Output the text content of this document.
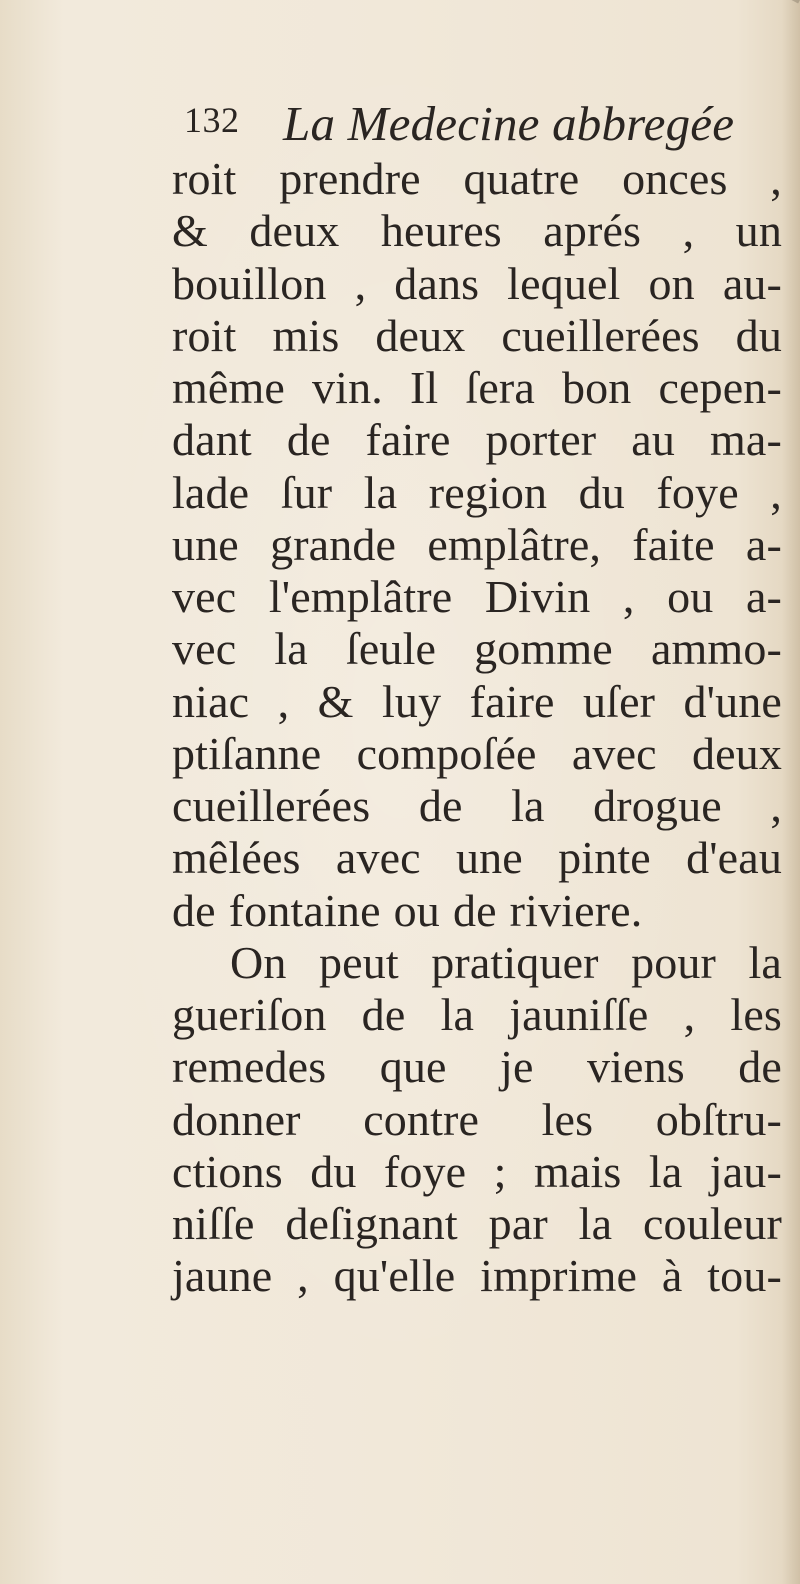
132 La Medecine abbregée
roit prendre quatre onces ,
& deux heures aprés , un
bouillon , dans lequel on au-
roit mis deux cueillerées du
même vin. Il ſera bon cepen-
dant de faire porter au ma-
lade ſur la region du foye ,
une grande emplâtre, faite a-
vec l'emplâtre Divin , ou a-
vec la ſeule gomme ammo-
niac , & luy faire uſer d'une
ptiſanne compoſée avec deux
cueillerées de la drogue ,
mêlées avec une pinte d'eau
de fontaine ou de riviere.
On peut pratiquer pour la
gueriſon de la jauniſſe , les
remedes que je viens de
donner contre les obſtru-
ctions du foye ; mais la jau-
niſſe deſignant par la couleur
jaune , qu'elle imprime à tou-
